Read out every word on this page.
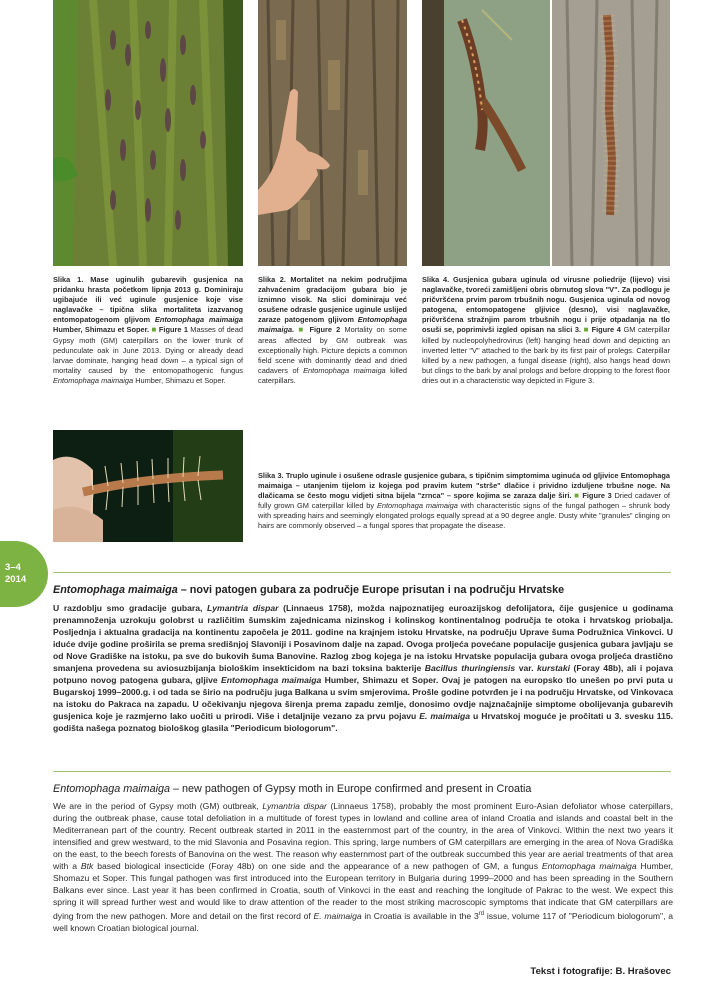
Slika 1. Mase uginulih gubarevih gusjenica na pridanku hrasta početkom lipnja 2013 g. Dominiraju ugibajuće ili već uginule gusjenice koje vise naglavačke – tipična slika mortaliteta izazvanog entomopatogenom gljivom Entomophaga maimaiga Humber, Shimazu et Soper. ■ Figure 1 Masses of dead Gypsy moth (GM) caterpillars on the lower trunk of pedunculate oak in June 2013. Dying or already dead larvae dominate, hanging head down – a typical sign of mortality caused by the entomopathogenic fungus Entomophaga maimaiga Humber, Shimazu et Soper.
Slika 2. Mortalitet na nekim područjima zahvaćenim gradacijom gubara bio je iznimno visok. Na slici dominiraju već osušene odrasle gusjenice uginule uslijed zaraze patogenom gljivom Entomophaga maimaiga. ■ Figure 2 Mortality on some areas affected by GM outbreak was exceptionally high. Picture depicts a common field scene with dominantly dead and dried cadavers of Entomophaga maimaiga killed caterpillars.
Slika 4. Gusjenica gubara uginula od virusne poliedrije (lijevo) visi naglavačke, tvoreći zamišljeni obris obrnutog slova "V". Za podlogu je pričvršćena prvim parom trbušnih nogu. Gusjenica uginula od novog patogena, entomopatogene gljivice (desno), visi naglavačke, pričvršćena stražnjim parom trbušnih nogu i prije otpadanja na tlo osuši se, poprimivši izgled opisan na slici 3. ■ Figure 4 GM caterpillar killed by nucleopolyhedrovirus (left) hanging head down and depicting an inverted letter "V" attached to the bark by its first pair of prolegs. Caterpillar killed by a new pathogen, a fungal disease (right), also hangs head down but clings to the bark by anal prologs and before dropping to the forest floor dries out in a characteristic way depicted in Figure 3.
Slika 3. Truplo uginule i osušene odrasle gusjenice gubara, s tipičnim simptomima uginuća od gljivice Entomophaga maimaiga – utanjenim tijelom iz kojega pod pravim kutem "strše" dlačice i prividno izduljene trbušne noge. Na dlačicama se često mogu vidjeti sitna bijela "zrnca" – spore kojima se zaraza dalje širi. ■ Figure 3 Dried cadaver of fully grown GM caterpillar killed by Entomophaga maimaiga with characteristic signs of the fungal pathogen – shrunk body with spreading hairs and seemingly elongated prologs equally spread at a 90 degree angle. Dusty white "granules" clinging on hairs are commonly observed – a fungal spores that propagate the disease.
3–4
2014
Entomophaga maimaiga – novi patogen gubara za područje Europe prisutan i na području Hrvatske
U razdoblju smo gradacije gubara, Lymantria dispar (Linnaeus 1758), možda najpoznatijeg euroazijskog defolijatora, čije gusjenice u godinama prenamnoženja uzrokuju golobrst u različitim šumskim zajednicama nizinskog i kolinskog kontinentalnog područja te otoka i hrvatskog priobalja. Posljednja i aktualna gradacija na kontinentu započela je 2011. godine na krajnjem istoku Hrvatske, na području Uprave šuma Podružnica Vinkovci. U iduće dvije godine proširila se prema središnjoj Slavoniji i Posavinom dalje na zapad. Ovoga proljeća povećane populacije gusjenica gubara javljaju se od Nove Gradiške na istoku, pa sve do bukovih šuma Banovine. Razlog zbog kojega je na istoku Hrvatske populacija gubara ovoga proljeća drastično smanjena provedena su aviosuzbijanja biološkim insekticidom na bazi toksina bakterije Bacillus thuringiensis var. kurstaki (Foray 48b), ali i pojava potpuno novog patogena gubara, gljive Entomophaga maimaiga Humber, Shimazu et Soper. Ovaj je patogen na europsko tlo unešen po prvi puta u Bugarskoj 1999–2000.g. i od tada se širio na području juga Balkana u svim smjerovima. Prošle godine potvrđen je i na području Hrvatske, od Vinkovaca na istoku do Pakraca na zapadu. U očekivanju njegova širenja prema zapadu zemlje, donosimo ovdje najznačajnije simptome obolijevanja gubarevih gusjenica koje je razmjerno lako uočiti u prirodi. Više i detaljnije vezano za prvu pojavu E. maimaiga u Hrvatskoj moguće je pročitati u 3. svesku 115. godišta našega poznatog biološkog glasila "Periodicum biologorum".
Entomophaga maimaiga – new pathogen of Gypsy moth in Europe confirmed and present in Croatia
We are in the period of Gypsy moth (GM) outbreak, Lymantria dispar (Linnaeus 1758), probably the most prominent Euro-Asian defoliator whose caterpillars, during the outbreak phase, cause total defoliation in a multitude of forest types in lowland and colline area of inland Croatia and islands and coastal belt in the Mediterranean part of the country. Recent outbreak started in 2011 in the easternmost part of the country, in the area of Vinkovci. Within the next two years it intensified and grew westward, to the mid Slavonia and Posavina region. This spring, large numbers of GM caterpillars are emerging in the area of Nova Gradiška on the east, to the beech forests of Banovina on the west. The reason why easternmost part of the outbreak succumbed this year are aerial treatments of that area with a Btk based biological insecticide (Foray 48b) on one side and the appearance of a new pathogen of GM, a fungus Entomophaga maimaiga Humber, Shomazu et Soper. This fungal pathogen was first introduced into the European territory in Bulgaria during 1999–2000 and has been spreading in the Southern Balkans ever since. Last year it has been confirmed in Croatia, south of Vinkovci in the east and reaching the longitude of Pakrac to the west. We expect this spring it will spread further west and would like to draw attention of the reader to the most striking macroscopic symptoms that indicate that GM caterpillars are dying from the new pathogen. More and detail on the first record of E. maimaiga in Croatia is available in the 3rd issue, volume 117 of "Periodicum biologorum", a well known Croatian biological journal.
Tekst i fotografije: B. Hrašovec
